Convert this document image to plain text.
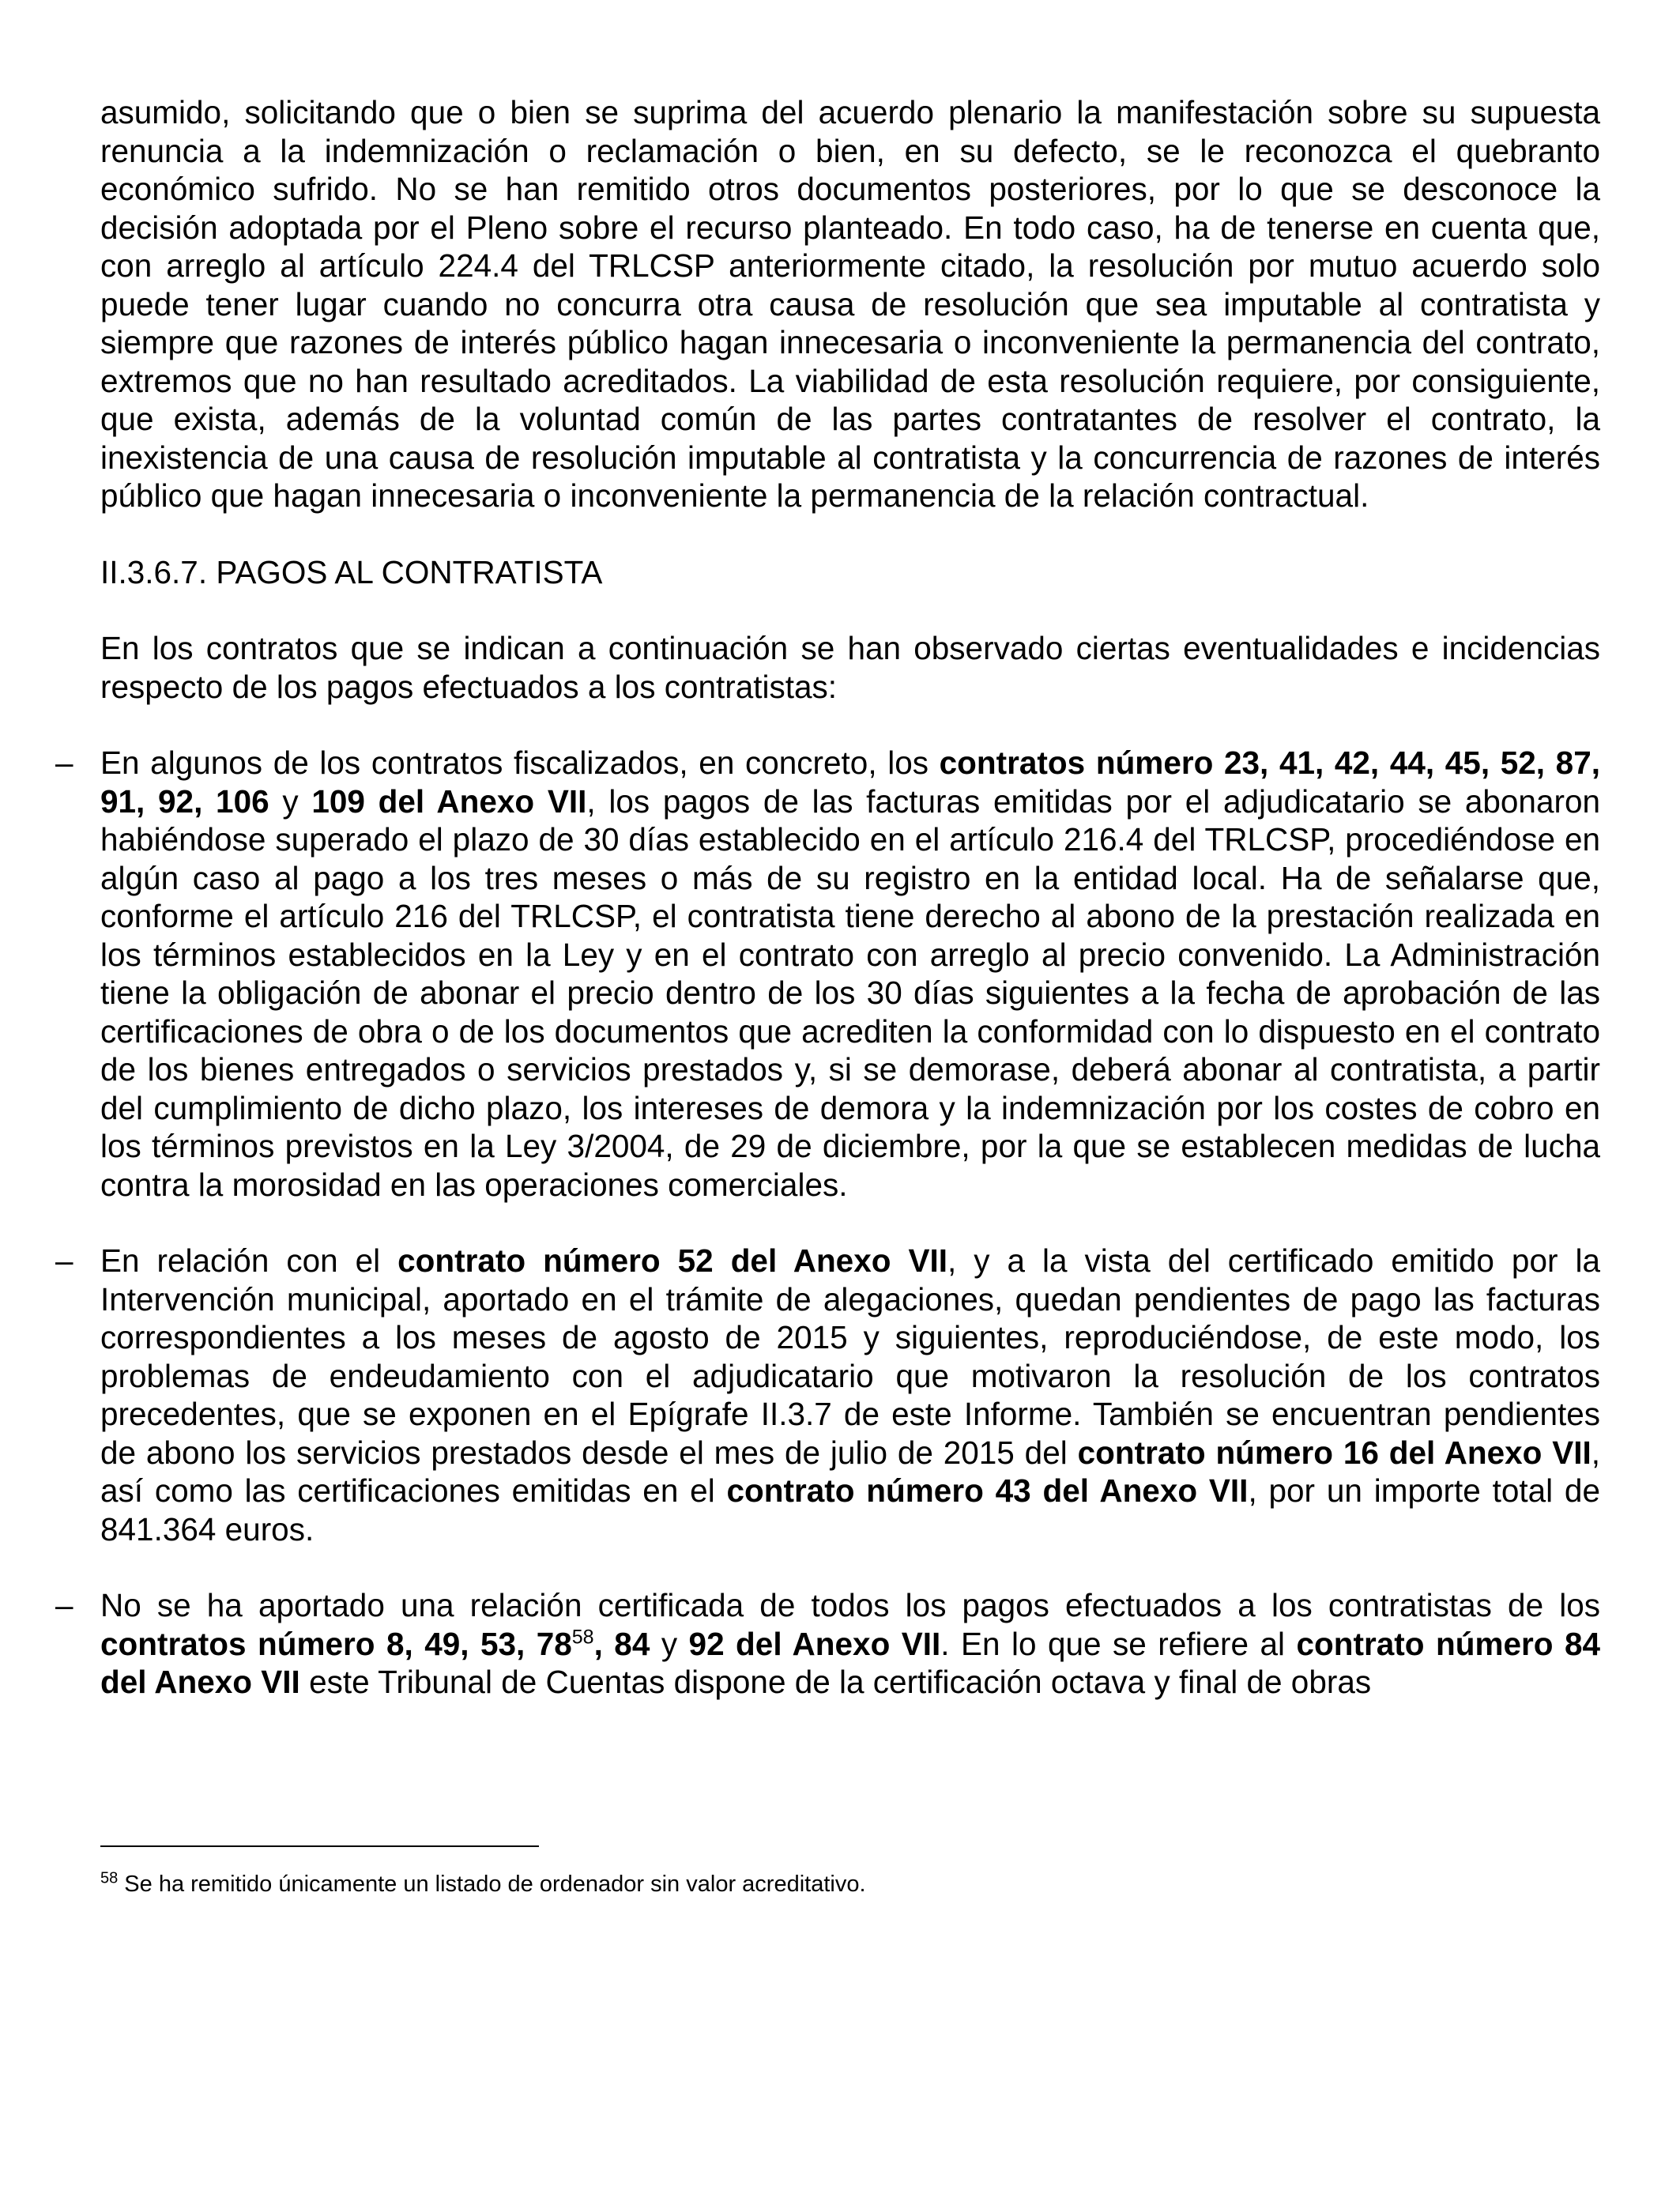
asumido, solicitando que o bien se suprima del acuerdo plenario la manifestación sobre su supuesta renuncia a la indemnización o reclamación o bien, en su defecto, se le reconozca el quebranto económico sufrido. No se han remitido otros documentos posteriores, por lo que se desconoce la decisión adoptada por el Pleno sobre el recurso planteado. En todo caso, ha de tenerse en cuenta que, con arreglo al artículo 224.4 del TRLCSP anteriormente citado, la resolución por mutuo acuerdo solo puede tener lugar cuando no concurra otra causa de resolución que sea imputable al contratista y siempre que razones de interés público hagan innecesaria o inconveniente la permanencia del contrato, extremos que no han resultado acreditados. La viabilidad de esta resolución requiere, por consiguiente, que exista, además de la voluntad común de las partes contratantes de resolver el contrato, la inexistencia de una causa de resolución imputable al contratista y la concurrencia de razones de interés público que hagan innecesaria o inconveniente la permanencia de la relación contractual.

II.3.6.7. PAGOS AL CONTRATISTA

En los contratos que se indican a continuación se han observado ciertas eventualidades e incidencias respecto de los pagos efectuados a los contratistas:

– En algunos de los contratos fiscalizados, en concreto, los contratos número 23, 41, 42, 44, 45, 52, 87, 91, 92, 106 y 109 del Anexo VII, los pagos de las facturas emitidas por el adjudicatario se abonaron habiéndose superado el plazo de 30 días establecido en el artículo 216.4 del TRLCSP, procediéndose en algún caso al pago a los tres meses o más de su registro en la entidad local. Ha de señalarse que, conforme el artículo 216 del TRLCSP, el contratista tiene derecho al abono de la prestación realizada en los términos establecidos en la Ley y en el contrato con arreglo al precio convenido. La Administración tiene la obligación de abonar el precio dentro de los 30 días siguientes a la fecha de aprobación de las certificaciones de obra o de los documentos que acrediten la conformidad con lo dispuesto en el contrato de los bienes entregados o servicios prestados y, si se demorase, deberá abonar al contratista, a partir del cumplimiento de dicho plazo, los intereses de demora y la indemnización por los costes de cobro en los términos previstos en la Ley 3/2004, de 29 de diciembre, por la que se establecen medidas de lucha contra la morosidad en las operaciones comerciales.
– En relación con el contrato número 52 del Anexo VII, y a la vista del certificado emitido por la Intervención municipal, aportado en el trámite de alegaciones, quedan pendientes de pago las facturas correspondientes a los meses de agosto de 2015 y siguientes, reproduciéndose, de este modo, los problemas de endeudamiento con el adjudicatario que motivaron la resolución de los contratos precedentes, que se exponen en el Epígrafe II.3.7 de este Informe. También se encuentran pendientes de abono los servicios prestados desde el mes de julio de 2015 del contrato número 16 del Anexo VII, así como las certificaciones emitidas en el contrato número 43 del Anexo VII, por un importe total de 841.364 euros.
– No se ha aportado una relación certificada de todos los pagos efectuados a los contratistas de los contratos número 8, 49, 53, 78$^{58}$, 84 y 92 del Anexo VII. En lo que se refiere al contrato número 84 del Anexo VII este Tribunal de Cuentas dispone de la certificación octava y final de obras
$^{58}$ Se ha remitido únicamente un listado de ordenador sin valor acreditativo.
